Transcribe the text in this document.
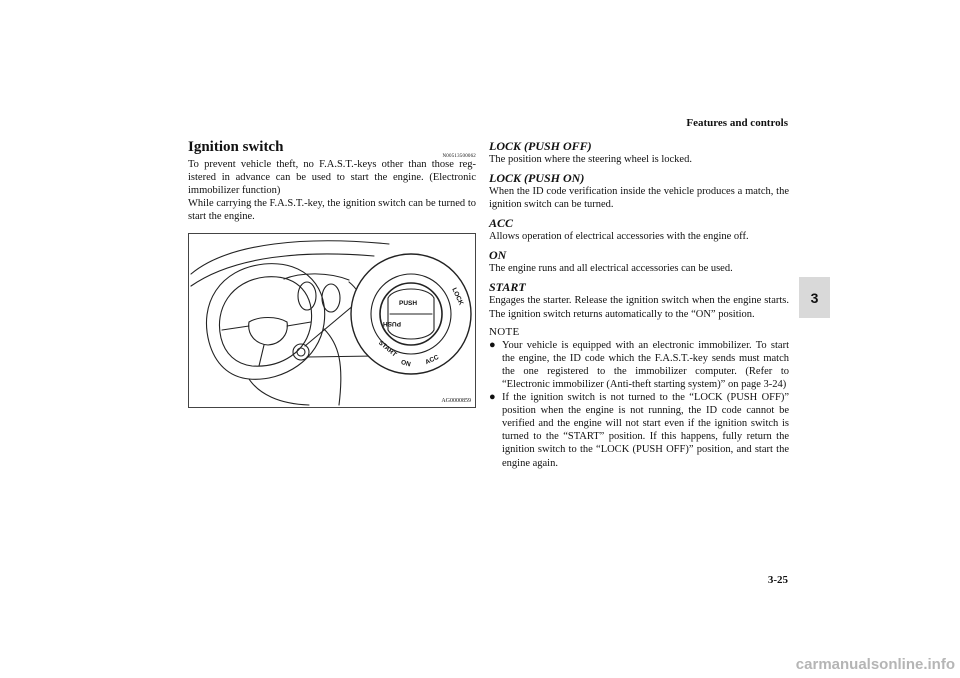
Features and controls
3
Ignition switch
N00513500062

To prevent vehicle theft, no F.A.S.T.-keys other than those reg-istered in advance can be used to start the engine. (Electronic immobilizer function)

While carrying the F.A.S.T.-key, the ignition switch can be turned to start the engine.

PUSH
PUSH
LOCK
ACC
ON
START
AG0000859
LOCK (PUSH OFF)

The position where the steering wheel is locked.

LOCK (PUSH ON)

When the ID code verification inside the vehicle produces a match, the ignition switch can be turned.

ACC

Allows operation of electrical accessories with the engine off.

ON

The engine runs and all electrical accessories can be used.

START

Engages the starter. Release the ignition switch when the engine starts. The ignition switch returns automatically to the “ON” position.

NOTE

● Your vehicle is equipped with an electronic immobilizer. To start the engine, the ID code which the F.A.S.T.-key sends must match the one registered to the immobilizer computer. (Refer to “Electronic immobilizer (Anti-theft starting system)” on page 3-24)

● If the ignition switch is not turned to the “LOCK (PUSH OFF)” position when the engine is not running, the ID code cannot be verified and the engine will not start even if the ignition switch is turned to the “START” position. If this happens, fully return the ignition switch to the “LOCK (PUSH OFF)” position, and start the engine again.

3-25
carmanualsonline.info
